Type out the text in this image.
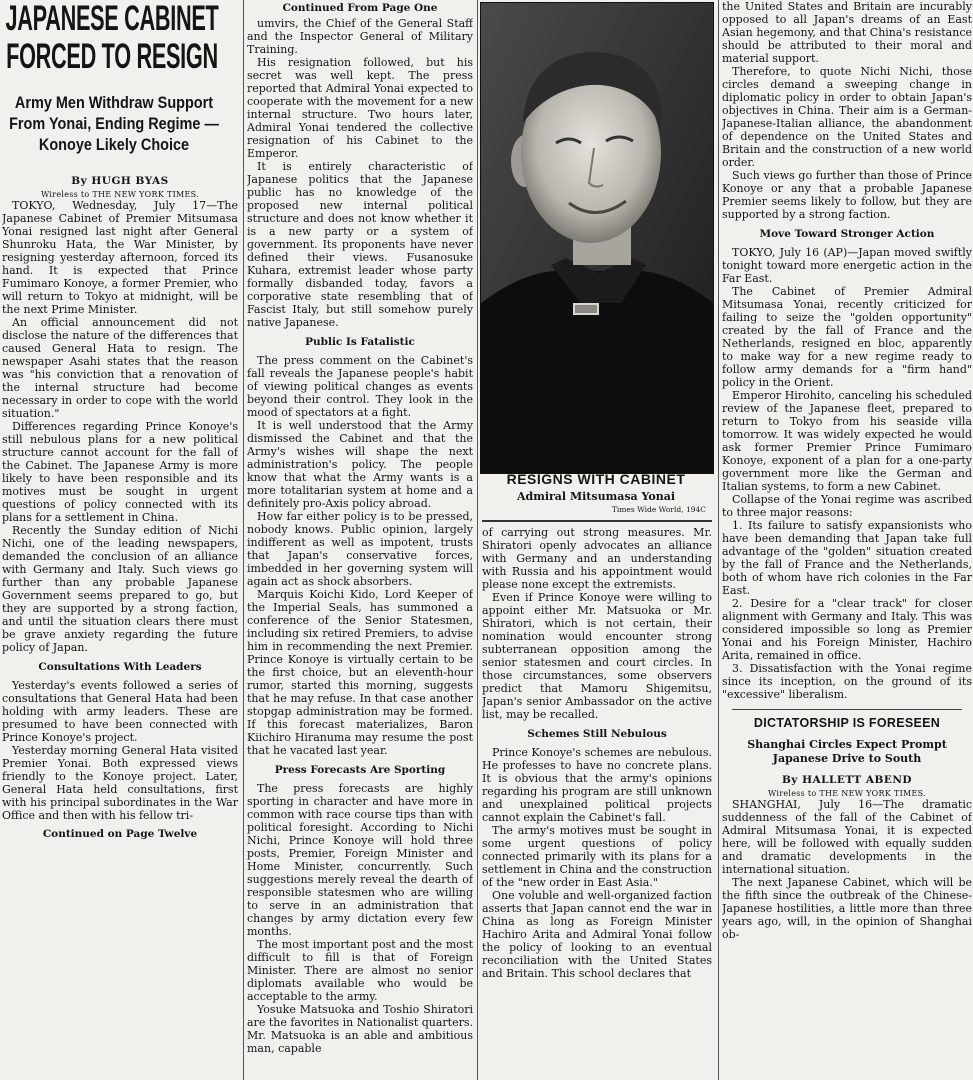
JAPANESE CABINET FORCED TO RESIGN
Army Men Withdraw Support From Yonai, Ending Regime —Konoye Likely Choice
By HUGH BYAS
Wireless to THE NEW YORK TIMES.

TOKYO, Wednesday, July 17—The Japanese Cabinet of Premier Mitsumasa Yonai resigned last night after General Shunroku Hata, the War Minister, by resigning yesterday afternoon, forced its hand. It is expected that Prince Fumimaro Konoye, a former Premier, who will return to Tokyo at midnight, will be the next Prime Minister.

An official announcement did not disclose the nature of the differences that caused General Hata to resign. The newspaper Asahi states that the reason was "his conviction that a renovation of the internal structure had become necessary in order to cope with the world situation."

Differences regarding Prince Konoye's still nebulous plans for a new political structure cannot account for the fall of the Cabinet. The Japanese Army is more likely to have been responsible and its motives must be sought in urgent questions of policy connected with its plans for a settlement in China.

Recently the Sunday edition of Nichi Nichi, one of the leading newspapers, demanded the conclusion of an alliance with Germany and Italy. Such views go further than any probable Japanese Government seems prepared to go, but they are supported by a strong faction, and until the situation clears there must be grave anxiety regarding the future policy of Japan.

Consultations With Leaders

Yesterday's events followed a series of consultations that General Hata had been holding with army leaders. These are presumed to have been connected with Prince Konoye's project.

Yesterday morning General Hata visited Premier Yonai. Both expressed views friendly to the Konoye project. Later, General Hata held consultations, first with his principal subordinates in the War Office and then with his fellow tri-

Continued on Page Twelve
Continued From Page One

umvirs, the Chief of the General Staff and the Inspector General of Military Training.

His resignation followed, but his secret was well kept. The press reported that Admiral Yonai expected to cooperate with the movement for a new internal structure. Two hours later, Admiral Yonai tendered the collective resignation of his Cabinet to the Emperor.

It is entirely characteristic of Japanese politics that the Japanese public has no knowledge of the proposed new internal political structure and does not know whether it is a new party or a system of government. Its proponents have never defined their views. Fusanosuke Kuhara, extremist leader whose party formally disbanded today, favors a corporative state resembling that of Fascist Italy, but still somehow purely native Japanese.

Public Is Fatalistic

The press comment on the Cabinet's fall reveals the Japanese people's habit of viewing political changes as events beyond their control. They look in the mood of spectators at a fight.

It is well understood that the Army dismissed the Cabinet and that the Army's wishes will shape the next administration's policy. The people know that what the Army wants is a more totalitarian system at home and a definitely pro-Axis policy abroad.

How far either policy is to be pressed, nobody knows. Public opinion, largely indifferent as well as impotent, trusts that Japan's conservative forces, imbedded in her governing system will again act as shock absorbers.

Marquis Koichi Kido, Lord Keeper of the Imperial Seals, has summoned a conference of the Senior Statesmen, including six retired Premiers, to advise him in recommending the next Premier. Prince Konoye is virtually certain to be the first choice, but an eleventh-hour rumor, started this morning, suggests that he may refuse. In that case another stopgap administration may be formed. If this forecast materializes, Baron Kiichiro Hiranuma may resume the post that he vacated last year.

Press Forecasts Are Sporting

The press forecasts are highly sporting in character and have more in common with race course tips than with political foresight. According to Nichi Nichi, Prince Konoye will hold three posts, Premier, Foreign Minister and Home Minister, concurrently. Such suggestions merely reveal the dearth of responsible statesmen who are willing to serve in an administration that changes by army dictation every few months.

The most important post and the most difficult to fill is that of Foreign Minister. There are almost no senior diplomats available who would be acceptable to the army.

Yosuke Matsuoka and Toshio Shiratori are the favorites in Nationalist quarters. Mr. Matsuoka is an able and ambitious man, capable

RESIGNS WITH CABINET
Admiral Mitsumasa Yonai
Times Wide World, 194C

of carrying out strong measures. Mr. Shiratori openly advocates an alliance with Germany and an understanding with Russia and his appointment would please none except the extremists.

Even if Prince Konoye were willing to appoint either Mr. Matsuoka or Mr. Shiratori, which is not certain, their nomination would encounter strong subterranean opposition among the senior statesmen and court circles. In those circumstances, some observers predict that Mamoru Shigemitsu, Japan's senior Ambassador on the active list, may be recalled.

Schemes Still Nebulous

Prince Konoye's schemes are nebulous. He professes to have no concrete plans. It is obvious that the army's opinions regarding his program are still unknown and unexplained political projects cannot explain the Cabinet's fall.

The army's motives must be sought in some urgent questions of policy connected primarily with its plans for a settlement in China and the construction of the "new order in East Asia."

One voluble and well-organized faction asserts that Japan cannot end the war in China as long as Foreign Minister Hachiro Arita and Admiral Yonai follow the policy of looking to an eventual reconciliation with the United States and Britain. This school declares that

the United States and Britain are incurably opposed to all Japan's dreams of an East Asian hegemony, and that China's resistance should be attributed to their moral and material support.

Therefore, to quote Nichi Nichi, those circles demand a sweeping change in diplomatic policy in order to obtain Japan's objectives in China. Their aim is a German-Japanese-Italian alliance, the abandonment of dependence on the United States and Britain and the construction of a new world order.

Such views go further than those of Prince Konoye or any that a probable Japanese Premier seems likely to follow, but they are supported by a strong faction.

Move Toward Stronger Action

TOKYO, July 16 (AP)—Japan moved swiftly tonight toward more energetic action in the Far East.

The Cabinet of Premier Admiral Mitsumasa Yonai, recently criticized for failing to seize the "golden opportunity" created by the fall of France and the Netherlands, resigned en bloc, apparently to make way for a new regime ready to follow army demands for a "firm hand" policy in the Orient.

Emperor Hirohito, canceling his scheduled review of the Japanese fleet, prepared to return to Tokyo from his seaside villa tomorrow. It was widely expected he would ask former Premier Prince Fumimaro Konoye, exponent of a plan for a one-party government more like the German and Italian systems, to form a new Cabinet.

Collapse of the Yonai regime was ascribed to three major reasons:

1. Its failure to satisfy expansionists who have been demanding that Japan take full advantage of the "golden" situation created by the fall of France and the Netherlands, both of whom have rich colonies in the Far East.

2. Desire for a "clear track" for closer alignment with Germany and Italy. This was considered impossible so long as Premier Yonai and his Foreign Minister, Hachiro Arita, remained in office.

3. Dissatisfaction with the Yonai regime since its inception, on the ground of its "excessive" liberalism.

DICTATORSHIP IS FORESEEN
Shanghai Circles Expect Prompt Japanese Drive to South
By HALLETT ABEND
Wireless to THE NEW YORK TIMES.

SHANGHAI, July 16—The dramatic suddenness of the fall of the Cabinet of Admiral Mitsumasa Yonai, it is expected here, will be followed with equally sudden and dramatic developments in the international situation.

The next Japanese Cabinet, which will be the fifth since the outbreak of the Chinese-Japanese hostilities, a little more than three years ago, will, in the opinion of Shanghai ob-
